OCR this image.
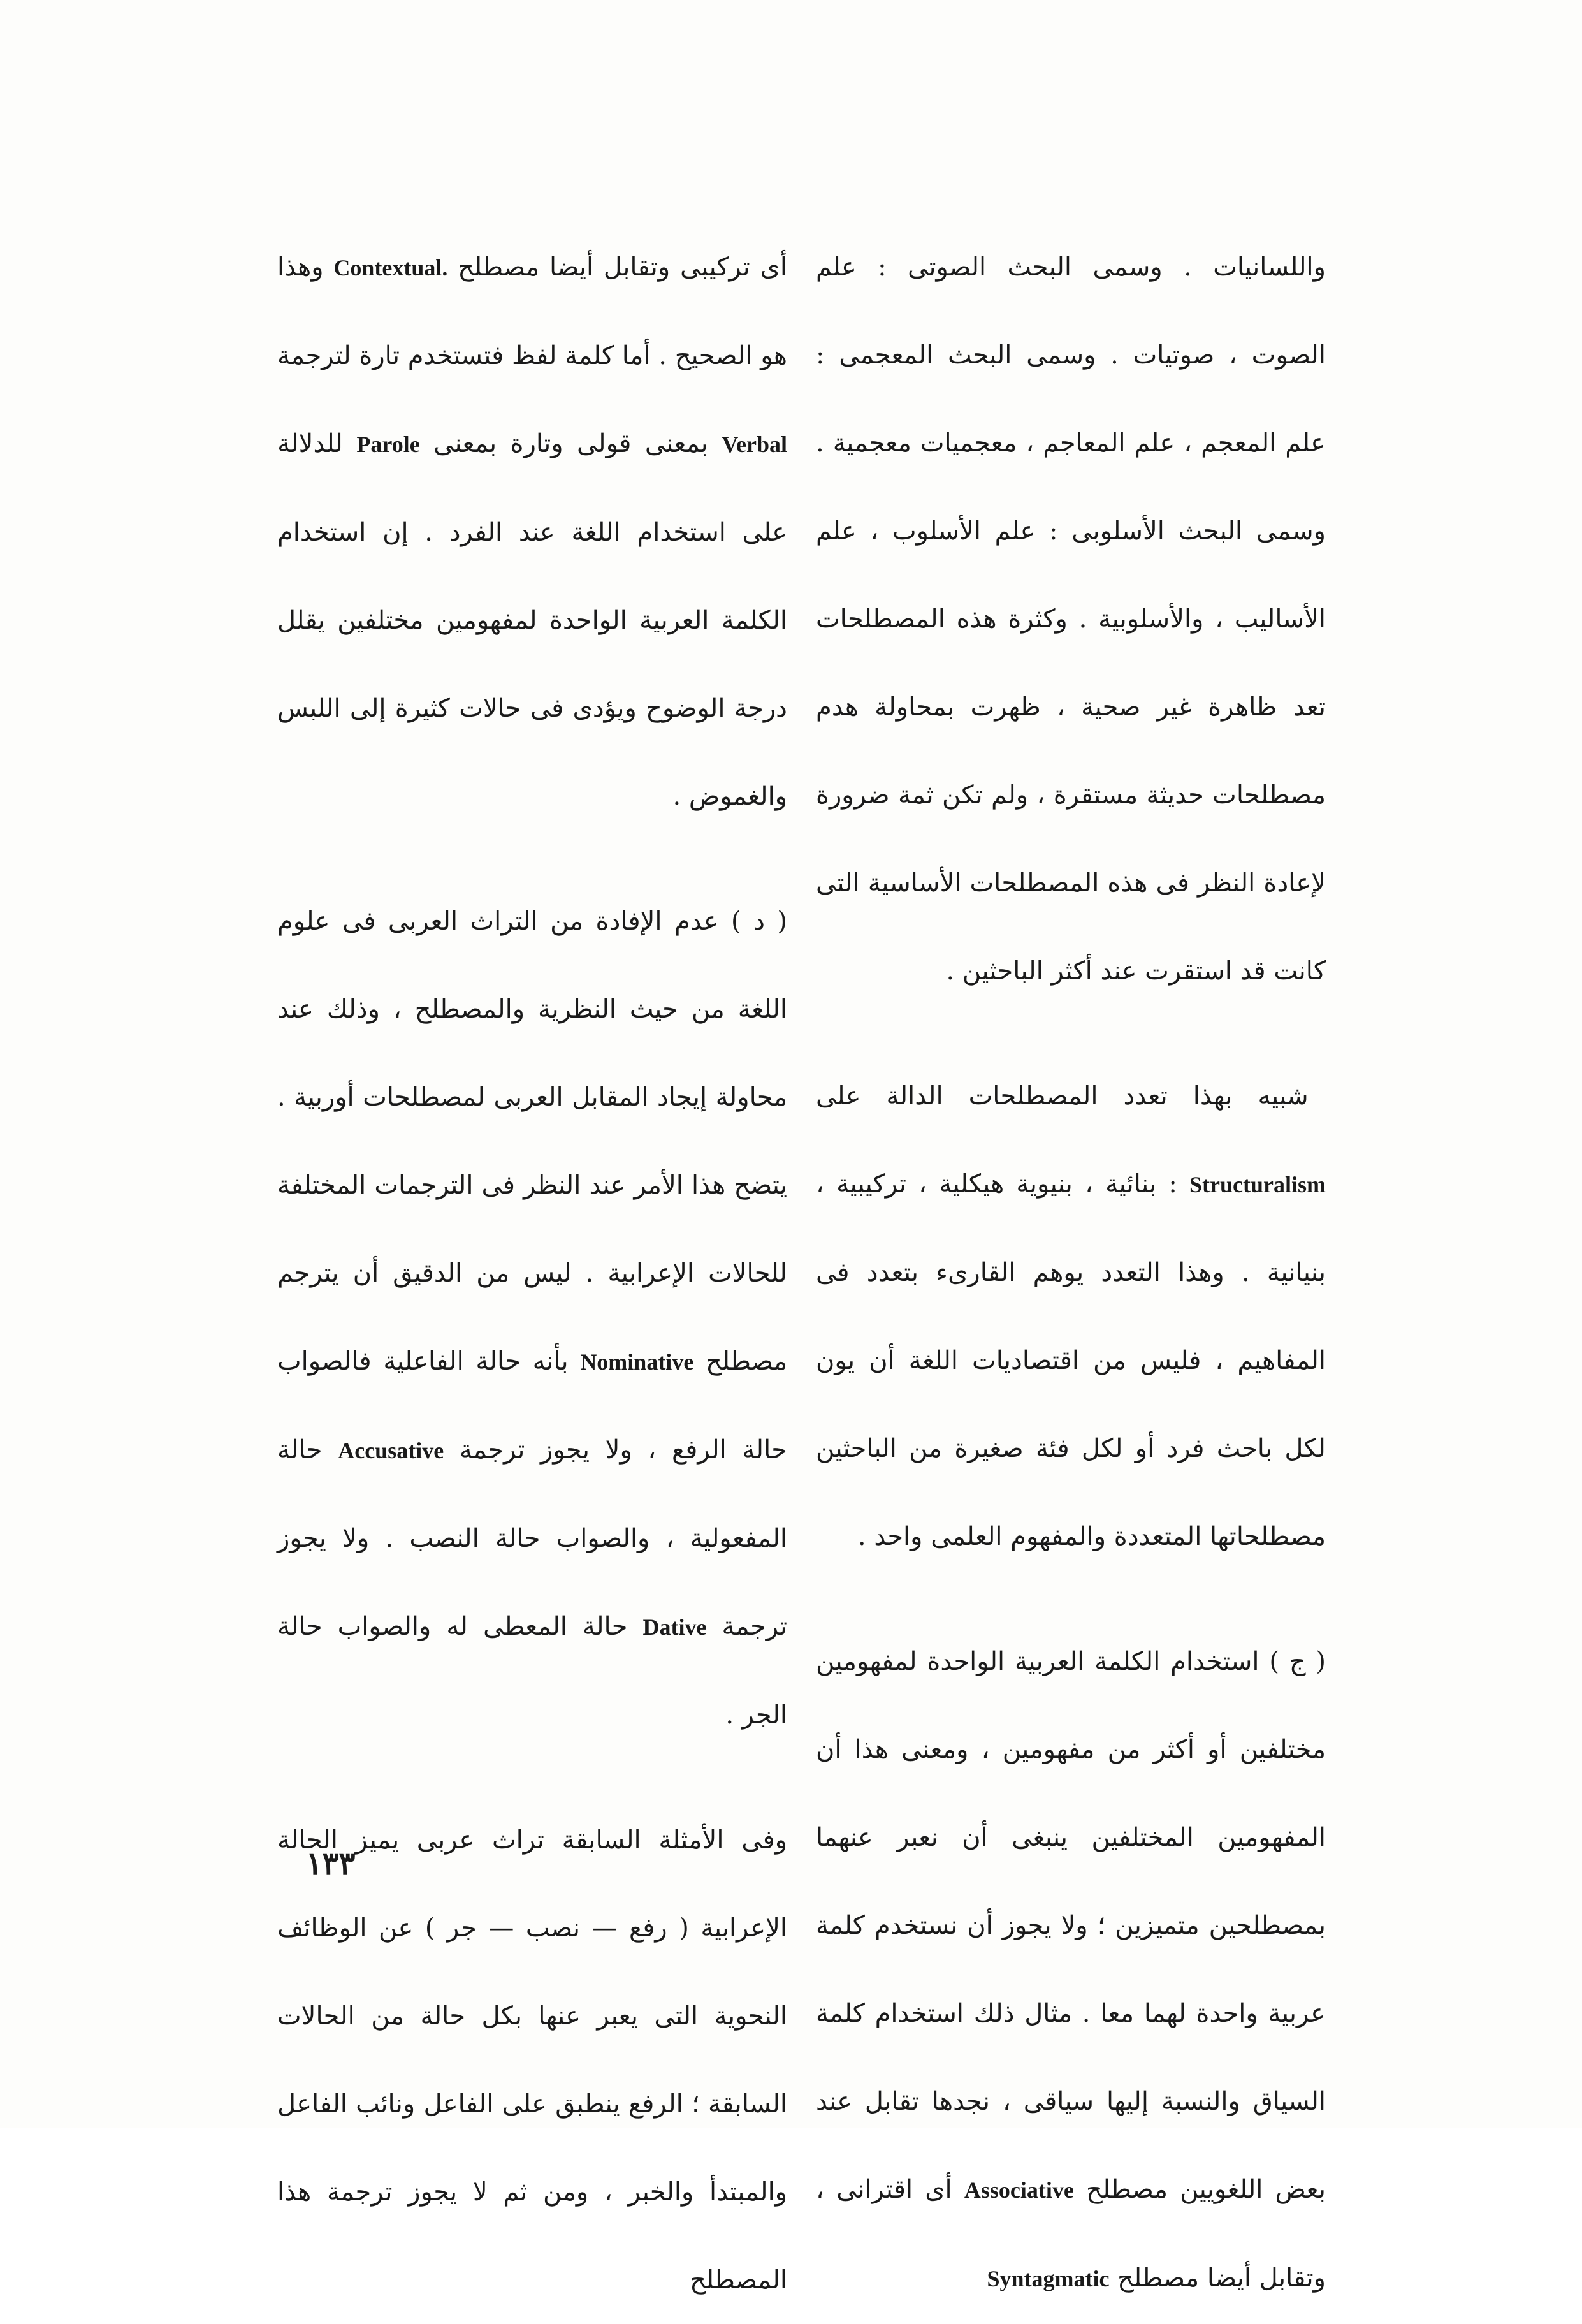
واللسانيات . وسمى البحث الصوتى : علم الصوت ، صوتيات . وسمى البحث المعجمى : علم المعجم ، علم المعاجم ، معجميات معجمية . وسمى البحث الأسلوبى : علم الأسلوب ، علم الأساليب ، والأسلوبية . وكثرة هذه المصطلحات تعد ظاهرة غير صحية ، ظهرت بمحاولة هدم مصطلحات حديثة مستقرة ، ولم تكن ثمة ضرورة لإعادة النظر فى هذه المصطلحات الأساسية التى كانت قد استقرت عند أكثر الباحثين .

شبيه بهذا تعدد المصطلحات الدالة على Structuralism : بنائية ، بنيوية هيكلية ، تركيبية ، بنيانية . وهذا التعدد يوهم القارىء بتعدد فى المفاهيم ، فليس من اقتصاديات اللغة أن يون لكل باحث فرد أو لكل فئة صغيرة من الباحثين مصطلحاتها المتعددة والمفهوم العلمى واحد .

( ج ) استخدام الكلمة العربية الواحدة لمفهومين مختلفين أو أكثر من مفهومين ، ومعنى هذا أن المفهومين المختلفين ينبغى أن نعبر عنهما بمصطلحين متميزين ؛ ولا يجوز أن نستخدم كلمة عربية واحدة لهما معا . مثال ذلك استخدام كلمة السياق والنسبة إليها سياقى ، نجدها تقابل عند بعض اللغويين مصطلح Associative أى اقترانى ، وتقابل أيضا مصطلح Syntagmatic

أى تركيبى وتقابل أيضا مصطلح Contextual. وهذا هو الصحيح . أما كلمة لفظ فتستخدم تارة لترجمة Verbal بمعنى قولى وتارة بمعنى Parole للدلالة على استخدام اللغة عند الفرد . إن استخدام الكلمة العربية الواحدة لمفهومين مختلفين يقلل درجة الوضوح ويؤدى فى حالات كثيرة إلى اللبس والغموض .

( د ) عدم الإفادة من التراث العربى فى علوم اللغة من حيث النظرية والمصطلح ، وذلك عند محاولة إيجاد المقابل العربى لمصطلحات أوربية . يتضح هذا الأمر عند النظر فى الترجمات المختلفة للحالات الإعرابية . ليس من الدقيق أن يترجم مصطلح Nominative بأنه حالة الفاعلية فالصواب حالة الرفع ، ولا يجوز ترجمة Accusative حالة المفعولية ، والصواب حالة النصب . ولا يجوز ترجمة Dative حالة المعطى له والصواب حالة الجر .

وفى الأمثلة السابقة تراث عربى يميز الحالة الإعرابية ( رفع — نصب — جر ) عن الوظائف النحوية التى يعبر عنها بكل حالة من الحالات السابقة ؛ الرفع ينطبق على الفاعل ونائب الفاعل والمبتدأ والخبر ، ومن ثم لا يجوز ترجمة هذا المصطلح

١٣٣
